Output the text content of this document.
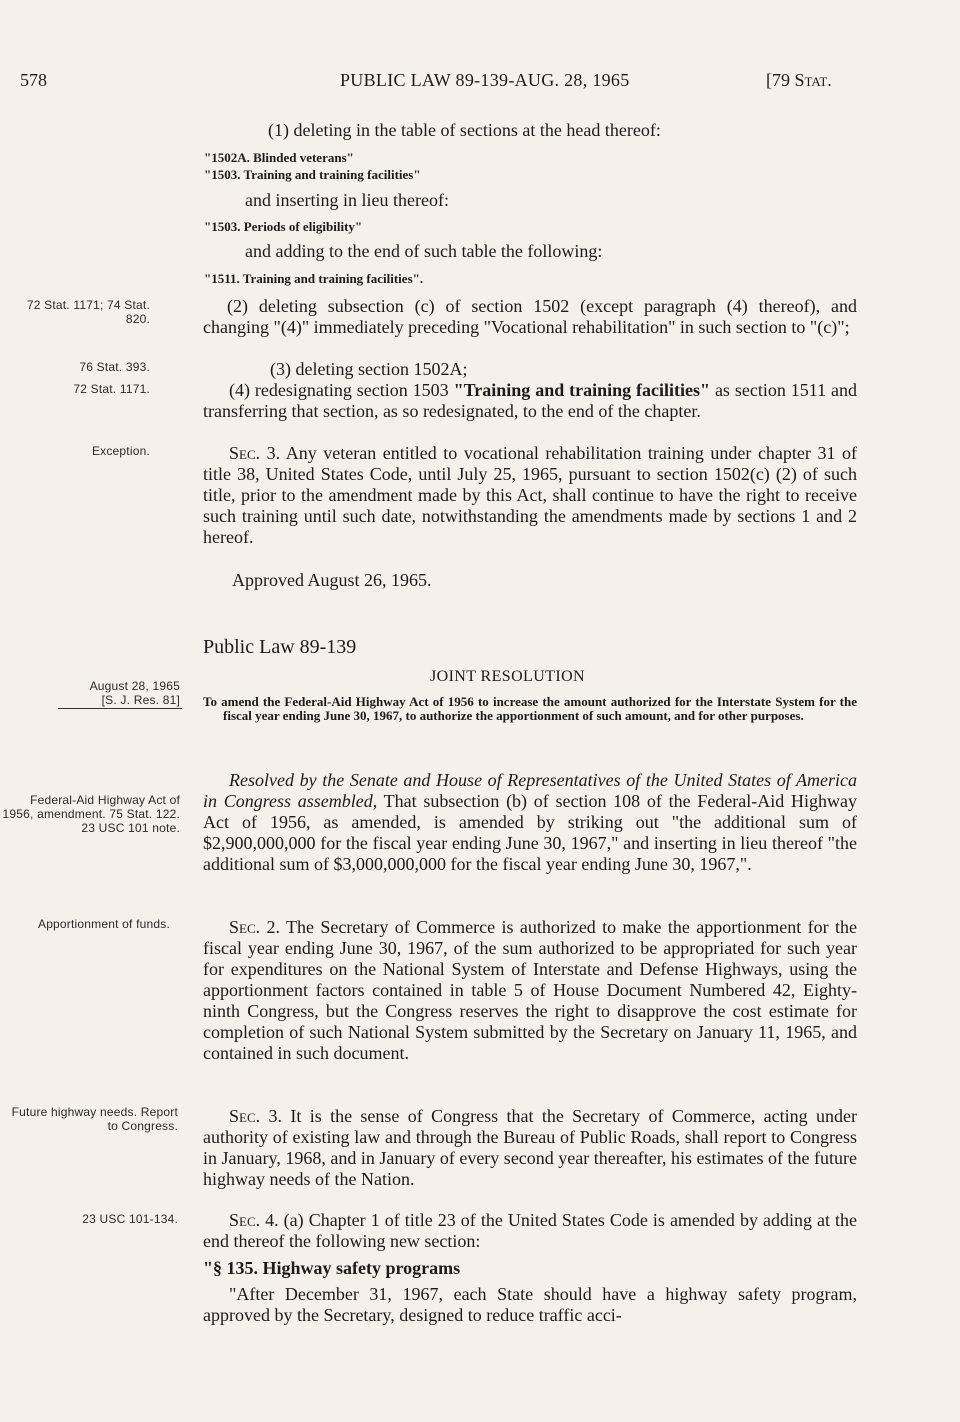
578	PUBLIC LAW 89-139-AUG. 28, 1965	[79 Stat.
(1) deleting in the table of sections at the head thereof:
"1502A. Blinded veterans"
"1503. Training and training facilities"
and inserting in lieu thereof:
"1503. Periods of eligibility"
and adding to the end of such table the following:
"1511. Training and training facilities".
72 Stat. 1171; 74 Stat. 820.
(2) deleting subsection (c) of section 1502 (except paragraph (4) thereof), and changing "(4)" immediately preceding "Vocational rehabilitation" in such section to "(c)";
76 Stat. 393.	(3) deleting section 1502A;
72 Stat. 1171.	(4) redesignating section 1503 "Training and training facilities" as section 1511 and transferring that section, as so redesignated, to the end of the chapter.
Exception.	Sec. 3. Any veteran entitled to vocational rehabilitation training under chapter 31 of title 38, United States Code, until July 25, 1965, pursuant to section 1502(c) (2) of such title, prior to the amendment made by this Act, shall continue to have the right to receive such training until such date, notwithstanding the amendments made by sections 1 and 2 hereof.
Approved August 26, 1965.
Public Law 89-139
JOINT RESOLUTION
August 28, 1965
[S. J. Res. 81] To amend the Federal-Aid Highway Act of 1956 to increase the amount authorized for the Interstate System for the fiscal year ending June 30, 1967, to authorize the apportionment of such amount, and for other purposes.
Federal-Aid Highway Act of 1956, amendment. 75 Stat. 122. 23 USC 101 note.
Resolved by the Senate and House of Representatives of the United States of America in Congress assembled, That subsection (b) of section 108 of the Federal-Aid Highway Act of 1956, as amended, is amended by striking out "the additional sum of $2,900,000,000 for the fiscal year ending June 30, 1967," and inserting in lieu thereof "the additional sum of $3,000,000,000 for the fiscal year ending June 30, 1967,".
Apportionment of funds.	Sec. 2. The Secretary of Commerce is authorized to make the apportionment for the fiscal year ending June 30, 1967, of the sum authorized to be appropriated for such year for expenditures on the National System of Interstate and Defense Highways, using the apportionment factors contained in table 5 of House Document Numbered 42, Eighty-ninth Congress, but the Congress reserves the right to disapprove the cost estimate for completion of such National System submitted by the Secretary on January 11, 1965, and contained in such document.
Future highway needs. Report to Congress.	Sec. 3. It is the sense of Congress that the Secretary of Commerce, acting under authority of existing law and through the Bureau of Public Roads, shall report to Congress in January, 1968, and in January of every second year thereafter, his estimates of the future highway needs of the Nation.
23 USC 101-134.	Sec. 4. (a) Chapter 1 of title 23 of the United States Code is amended by adding at the end thereof the following new section:
"§ 135. Highway safety programs
"After December 31, 1967, each State should have a highway safety program, approved by the Secretary, designed to reduce traffic acci-
